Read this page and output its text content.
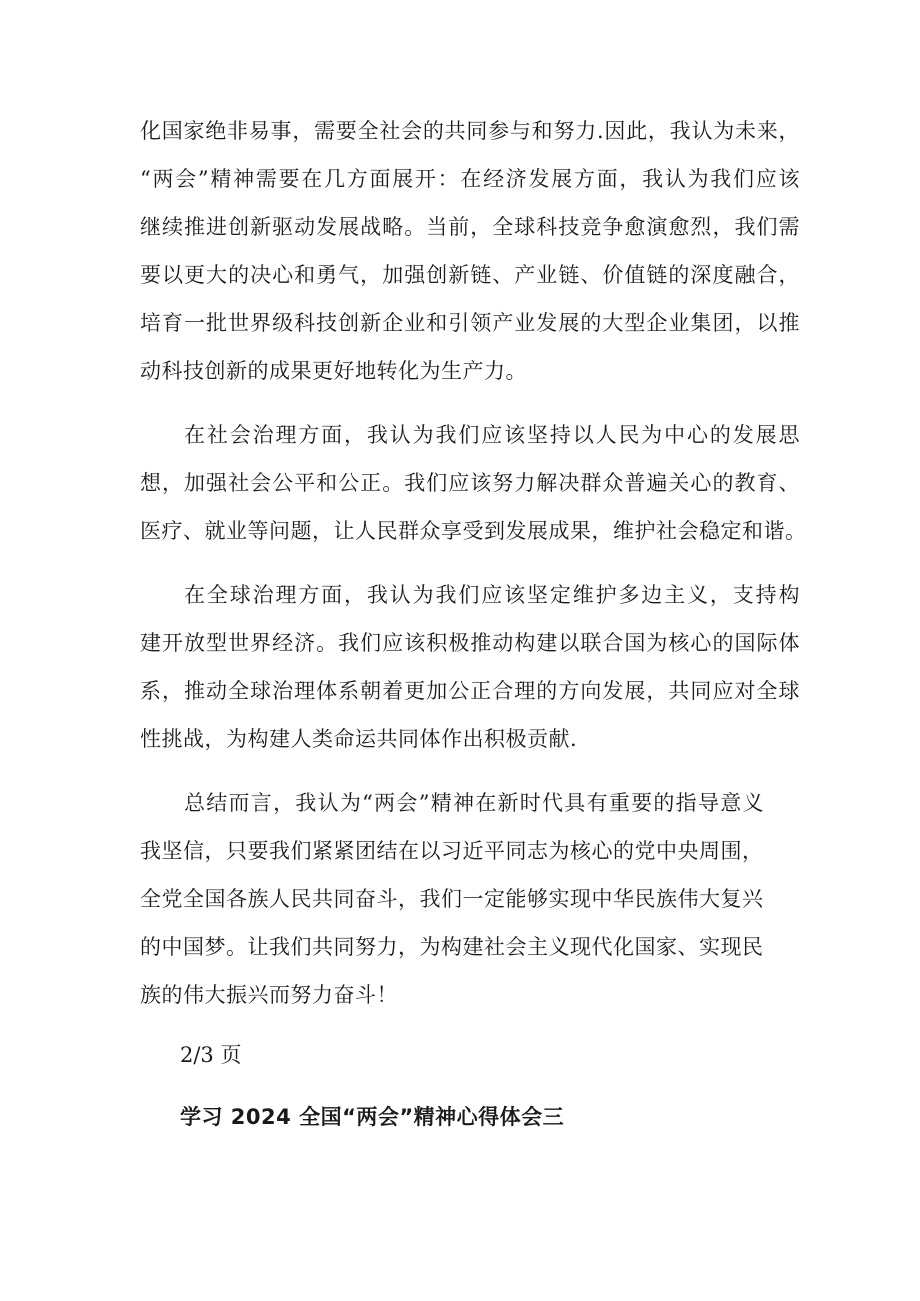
化国家绝非易事，需要全社会的共同参与和努力.因此，我认为未来，
“两会”精神需要在几方面展开：在经济发展方面，我认为我们应该
继续推进创新驱动发展战略。当前，全球科技竞争愈演愈烈，我们需
要以更大的决心和勇气，加强创新链、产业链、价值链的深度融合，
培育一批世界级科技创新企业和引领产业发展的大型企业集团，以推
动科技创新的成果更好地转化为生产力。
在社会治理方面，我认为我们应该坚持以人民为中心的发展思
想，加强社会公平和公正。我们应该努力解决群众普遍关心的教育、
医疗、就业等问题，让人民群众享受到发展成果，维护社会稳定和谐。
在全球治理方面，我认为我们应该坚定维护多边主义，支持构
建开放型世界经济。我们应该积极推动构建以联合国为核心的国际体
系，推动全球治理体系朝着更加公正合理的方向发展，共同应对全球
性挑战，为构建人类命运共同体作出积极贡献.
总结而言，我认为“两会”精神在新时代具有重要的指导意义
我坚信，只要我们紧紧团结在以习近平同志为核心的党中央周围，
全党全国各族人民共同奋斗，我们一定能够实现中华民族伟大复兴
的中国梦。让我们共同努力，为构建社会主义现代化国家、实现民
族的伟大振兴而努力奋斗！
2/3 页
学习 2024 全国“两会”精神心得体会三
